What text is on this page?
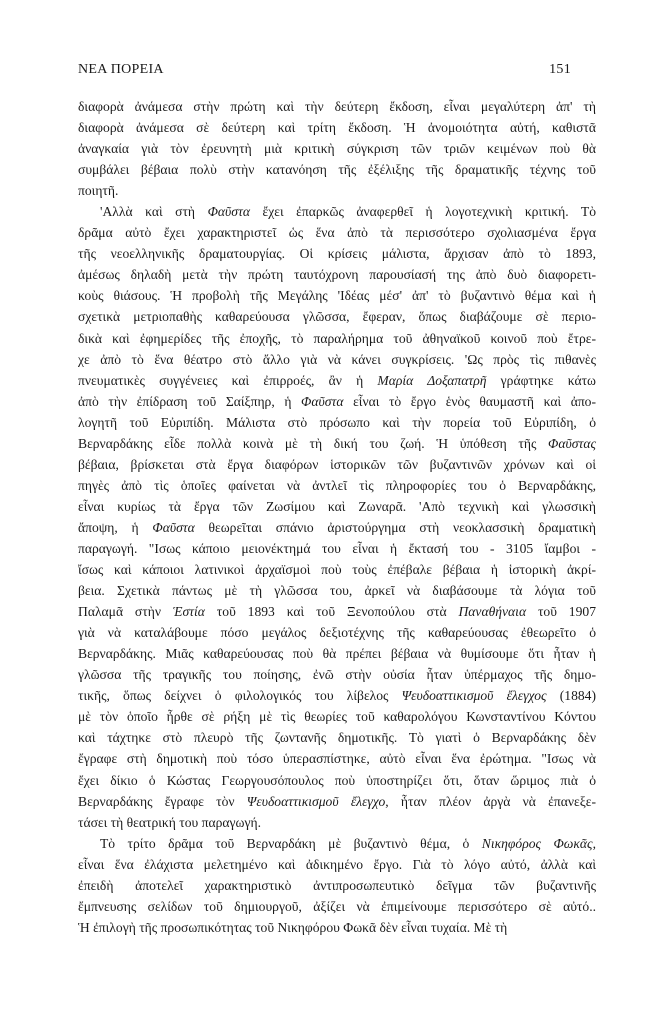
ΝΕΑ ΠΟΡΕΙΑ	151

διαφορὰ ἀνάμεσα στὴν πρώτη καὶ τὴν δεύτερη ἔκδοση, εἶναι μεγαλύτερη ἀπ' τὴ
διαφορὰ ἀνάμεσα σὲ δεύτερη καὶ τρίτη ἔκδοση. Ἡ ἀνομοιότητα αὐτή, καθιστᾶ
ἀναγκαία γιὰ τὸν ἐρευνητὴ μιὰ κριτικὴ σύγκριση τῶν τριῶν κειμένων ποὺ θὰ
συμβάλει βέβαια πολὺ στὴν κατανόηση τῆς ἐξέλιξης τῆς δραματικῆς τέχνης τοῦ
ποιητῆ.

'Αλλὰ καὶ στὴ Φαῦστα ἔχει ἐπαρκῶς ἀναφερθεῖ ἡ λογοτεχνικὴ κριτική. Τὸ
δρᾶμα αὐτὸ ἔχει χαρακτηριστεῖ ὡς ἕνα ἀπὸ τὰ περισσότερο σχολιασμένα ἔργα
τῆς νεοελληνικῆς δραματουργίας. Οἱ κρίσεις μάλιστα, ἄρχισαν ἀπὸ τὸ 1893,
ἀμέσως δηλαδὴ μετὰ τὴν πρώτη ταυτόχρονη παρουσίασή της ἀπὸ δυὸ διαφορετι-
κοὺς θιάσους. Ἡ προβολὴ τῆς Μεγάλης 'Ιδέας μέσ' ἀπ' τὸ βυζαντινὸ θέμα καὶ ἡ
σχετικὰ μετριοπαθὴς καθαρεύουσα γλῶσσα, ἔφεραν, ὅπως διαβάζουμε σὲ περιο-
δικὰ καὶ ἐφημερίδες τῆς ἐποχῆς, τὸ παραλήρημα τοῦ ἀθηναϊκοῦ κοινοῦ ποὺ ἔτρε-
χε ἀπὸ τὸ ἕνα θέατρο στὸ ἄλλο γιὰ νὰ κάνει συγκρίσεις. 'Ως πρὸς τὶς πιθανὲς
πνευματικὲς συγγένειες καὶ ἐπιρροές, ἂν ἡ Μαρία Δοξαπατρῆ γράφτηκε κάτω
ἀπὸ τὴν ἐπίδραση τοῦ Σαίξπηρ, ἡ Φαῦστα εἶναι τὸ ἔργο ἑνὸς θαυμαστῆ καὶ ἀπο-
λογητῆ τοῦ Εὐριπίδη. Μάλιστα στὸ πρόσωπο καὶ τὴν πορεία τοῦ Εὐριπίδη, ὁ
Βερναρδάκης εἶδε πολλὰ κοινὰ μὲ τὴ δική του ζωή. Ἡ ὑπόθεση τῆς Φαῦστας
βέβαια, βρίσκεται στὰ ἔργα διαφόρων ἱστορικῶν τῶν βυζαντινῶν χρόνων καὶ οἱ
πηγὲς ἀπὸ τὶς ὁποῖες φαίνεται νὰ ἀντλεῖ τὶς πληροφορίες του ὁ Βερναρδάκης,
εἶναι κυρίως τὰ ἔργα τῶν Ζωσίμου καὶ Ζωναρᾶ. 'Απὸ τεχνικὴ καὶ γλωσσικὴ
ἄποψη, ἡ Φαῦστα θεωρεῖται σπάνιο ἀριστούργημα στὴ νεοκλασσικὴ δραματικὴ
παραγωγή. "Ισως κάποιο μειονέκτημά του εἶναι ἡ ἔκτασή του - 3105 ἴαμβοι -
ἴσως καὶ κάποιοι λατινικοὶ ἀρχαϊσμοὶ ποὺ τοὺς ἐπέβαλε βέβαια ἡ ἱστορικὴ ἀκρί-
βεια. Σχετικὰ πάντως μὲ τὴ γλῶσσα του, ἀρκεῖ νὰ διαβάσουμε τὰ λόγια τοῦ
Παλαμᾶ στὴν Ἑστία τοῦ 1893 καὶ τοῦ Ξενοπούλου στὰ Παναθήναια τοῦ 1907
γιὰ νὰ καταλάβουμε πόσο μεγάλος δεξιοτέχνης τῆς καθαρεύουσας ἐθεωρεῖτο ὁ
Βερναρδάκης. Μιᾶς καθαρεύουσας ποὺ θὰ πρέπει βέβαια νὰ θυμίσουμε ὅτι ἦταν ἡ
γλῶσσα τῆς τραγικῆς του ποίησης, ἐνῶ στὴν οὐσία ἦταν ὑπέρμαχος τῆς δημο-
τικῆς, ὅπως δείχνει ὁ φιλολογικός του λίβελος Ψευδοαττικισμοῦ ἔλεγχος (1884)
μὲ τὸν ὁποῖο ἦρθε σὲ ρήξη μὲ τὶς θεωρίες τοῦ καθαρολόγου Κωνσταντίνου Κόντου
καὶ τάχτηκε στὸ πλευρὸ τῆς ζωντανῆς δημοτικῆς. Τὸ γιατὶ ὁ Βερναρδάκης δὲν
ἔγραφε στὴ δημοτικὴ ποὺ τόσο ὑπερασπίστηκε, αὐτὸ εἶναι ἕνα ἐρώτημα. "Ισως νὰ
ἔχει δίκιο ὁ Κώστας Γεωργουσόπουλος ποὺ ὑποστηρίζει ὅτι, ὅταν ὥριμος πιὰ ὁ
Βερναρδάκης ἔγραφε τὸν Ψευδοαττικισμοῦ ἔλεγχο, ἦταν πλέον ἀργὰ νὰ ἐπανεξε-
τάσει τὴ θεατρική του παραγωγή.

Τὸ τρίτο δρᾶμα τοῦ Βερναρδάκη μὲ βυζαντινὸ θέμα, ὁ Νικηφόρος Φωκᾶς,
εἶναι ἕνα ἐλάχιστα μελετημένο καὶ ἀδικημένο ἔργο. Γιὰ τὸ λόγο αὐτό, ἀλλὰ καὶ
ἐπειδὴ ἀποτελεῖ χαρακτηριστικὸ ἀντιπροσωπευτικὸ δεῖγμα τῶν βυζαντινῆς
ἔμπνευσης σελίδων τοῦ δημιουργοῦ, ἀξίζει νὰ ἐπιμείνουμε περισσότερο σὲ αὐτό..
Ἡ ἐπιλογὴ τῆς προσωπικότητας τοῦ Νικηφόρου Φωκᾶ δὲν εἶναι τυχαία. Μὲ τὴ
